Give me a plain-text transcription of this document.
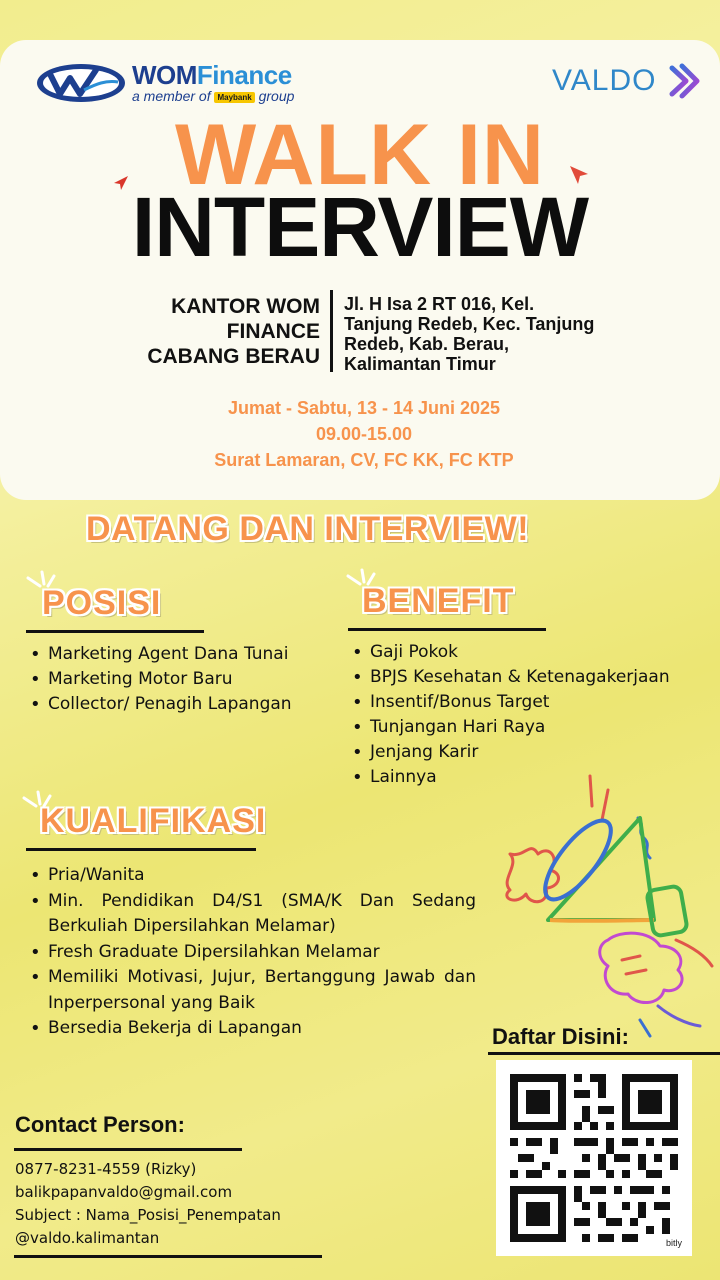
WOMFinance
a member of Maybank group	VALDO
WALK IN
INTERVIEW
KANTOR WOM
FINANCE
CABANG BERAU
Jl. H Isa 2 RT 016, Kel.
Tanjung Redeb, Kec. Tanjung
Redeb, Kab. Berau,
Kalimantan Timur
Jumat - Sabtu, 13 - 14 Juni 2025
09.00-15.00
Surat Lamaran, CV, FC KK, FC KTP
DATANG DAN INTERVIEW!
POSISI
• Marketing Agent Dana Tunai
• Marketing Motor Baru
• Collector/ Penagih Lapangan
BENEFIT
• Gaji Pokok
• BPJS Kesehatan & Ketenagakerjaan
• Insentif/Bonus Target
• Tunjangan Hari Raya
• Jenjang Karir
• Lainnya
KUALIFIKASI
• Pria/Wanita
• Min. Pendidikan D4/S1 (SMA/K Dan Sedang Berkuliah Dipersilahkan Melamar)
• Fresh Graduate Dipersilahkan Melamar
• Memiliki Motivasi, Jujur, Bertanggung Jawab dan Inperpersonal yang Baik
• Bersedia Bekerja di Lapangan	Daftar Disini:
bitly
Contact Person:
0877-8231-4559 (Rizky)
balikpapanvaldo@gmail.com
Subject : Nama_Posisi_Penempatan
@valdo.kalimantan
